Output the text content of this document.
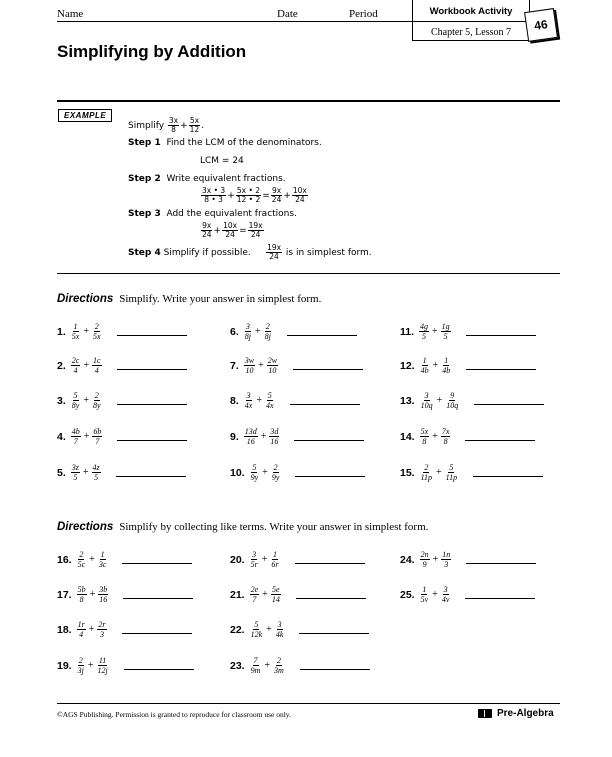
Name	Date	Period	Workbook Activity
Chapter 5, Lesson 7	46
Simplifying by Addition
EXAMPLE
Simplify
$\frac{3x}{8} + \frac{5x}{12}$ .
Step 1 Find the LCM of the denominators.
LCM = 24
Step 2 Write equivalent fractions.
$\frac{3x • 3}{8 • 3} + \frac{5x • 2}{12 • 2} = \frac{9x}{24} + \frac{10x}{24}$
Step 3 Add the equivalent fractions.
$\frac{9x}{24} + \frac{10x}{24} = \frac{19x}{24}$
Step 4
Simplify if possible.
$\frac{19x}{24}$
is in simplest form.
Directions Simplify. Write your answer in simplest form.
Directions Simplify by collecting like terms. Write your answer in simplest form.
1. $\frac{1}{5x} + \frac{2}{5x}$
2. $\frac{2c}{4} + \frac{1c}{4}$
3. $\frac{5}{8y} + \frac{2}{8y}$
4. $\frac{4b}{7} + \frac{6b}{7}$
5. $\frac{3z}{5} + \frac{4z}{5}$
6. $\frac{3}{8j} + \frac{2}{8j}$
7. $\frac{3w}{10} + \frac{2w}{10}$
8. $\frac{3}{4x} + \frac{5}{4x}$
9. $\frac{13d}{16} + \frac{3d}{16}$
10. $\frac{5}{9y} + \frac{2}{9y}$
11. $\frac{4g}{5} + \frac{1g}{5}$
12. $\frac{1}{4b} + \frac{1}{4b}$
13. $\frac{3}{10q} + \frac{9}{10q}$
14. $\frac{5x}{8} + \frac{7x}{8}$
15. $\frac{2}{11p} + \frac{5}{11p}$
16. $\frac{2}{5c} + \frac{1}{3c}$
17. $\frac{5b}{8} + \frac{3b}{16}$
18. $\frac{1r}{4} + \frac{2r}{3}$
19. $\frac{2}{3j} + \frac{11}{12j}$
20. $\frac{3}{5r} + \frac{1}{6r}$
21. $\frac{2e}{7} + \frac{5e}{14}$
22. $\frac{5}{12k} + \frac{3}{4k}$
23. $\frac{7}{9m} + \frac{2}{3m}$
24. $\frac{2n}{9} + \frac{1n}{3}$
25. $\frac{1}{5v} + \frac{3}{4v}$
©AGS Publishing. Permission is granted to reproduce for classroom use only.	Pre-Algebra
